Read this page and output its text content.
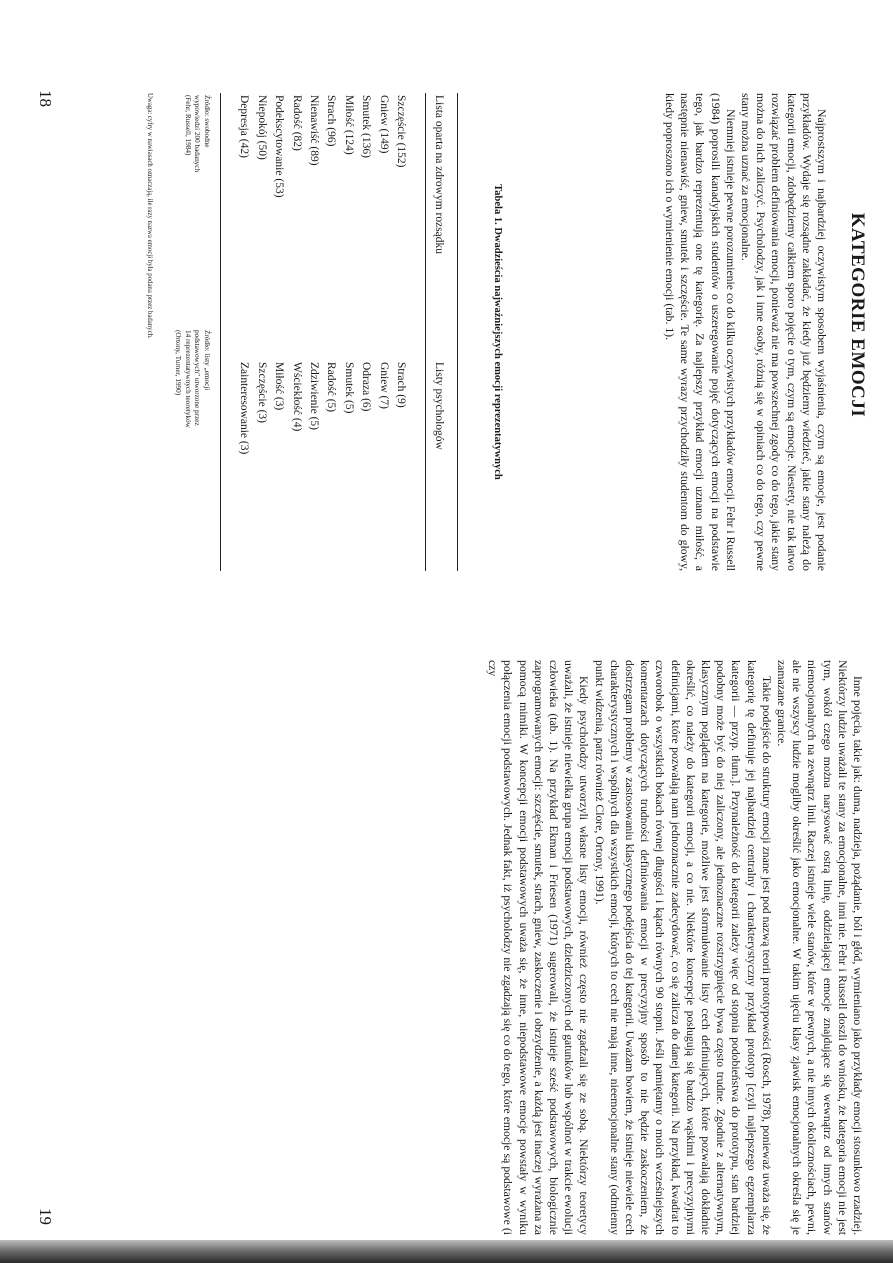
KATEGORIE EMOCJI

Najprostszym i najbardziej oczywistym sposobem wyjaśnienia, czym są emocje, jest podanie przykładów. Wydaje się rozsądne zakładać, że kiedy już będziemy wiedzieć, jakie stany należą do kategorii emocji, zdobędziemy całkiem sporo pojęcie o tym, czym są emocje. Niestety, nie tak łatwo rozwiązać problem definiowania emocji, ponieważ nie ma powszechnej zgody co do tego, jakie stany można do nich zaliczyć. Psycholodzy, jak i inne osoby, różnią się w opiniach co do tego, czy pewne stany można uznać za emocjonalne.

Niemniej istnieje pewne porozumienie co do kilku oczywistych przykładów emocji. Fehr i Russell (1984) poprosili kanadyjskich studentów o uszeregowanie pojęć dotyczących emocji na podstawie tego, jak bardzo reprezentują one tę kategorię. Za najlepszy przykład emocji uznano miłość, a następnie nienawiść, gniew, smutek i szczęście. Te same wyrazy przychodziły studentom do głowy, kiedy poproszono ich o wymienienie emocji (tab. 1).

Tabela 1. Dwadzieścia najważniejszych emocji reprezentatywnych
Lista oparta na zdrowym rozsądku
Listy psychologów
Szczęście (152)
Gniew (149)
Smutek (136)
Miłość (124)
Strach (96)
Nienawiść (89)
Radość (82)
Podekscytowanie (53)
Niepokój (50)
Depresja (42)
Strach (9)
Gniew (7)
Odraza (6)
Smutek (5)
Radość (5)
Zdziwienie (5)
Wściekłość (4)
Miłość (3)
Szczęście (3)
Zainteresowanie (3)
Źródło: swobodne
wypowiedzi 200 badanych
(Fehr, Russell, 1984)
Źródło: listy „emocji
podstawowych" utworzone przez
14 reprezentatywnych teoretyków
(Ortony, Turner, 1990)
Uwaga: cyfry w nawiasach oznaczają, ile razy nazwa emocji była podana przez badanych.
18

Inne pojęcia, takie jak: duma, nadzieja, pożądanie, ból i głód, wymieniano jako przykłady emocji stosunkowo rzadziej. Niektórzy ludzie uważali te stany za emocjonalne, inni nie. Fehr i Russell doszli do wniosku, że kategoria emocji nie jest tym, wokół czego można narysować ostrą linię, oddzielającej emocje znajdujące się wewnątrz od innych stanów niemocjonalnych na zewnątrz linii. Raczej istnieje wiele stanów, które w pewnych, a nie innych okolicznościach, pewni, ale nie wszyscy ludzie mogliby określić jako emocjonalne. W takim ujęciu klasy zjawisk emocjonalnych określa się je zamazane granice.

Takie podejście do struktury emocji znane jest pod nazwą teorii prototypowości (Rosch, 1978), ponieważ uważa się, że kategorię tę definiuje jej najbardziej centralny i charakterystyczny przykład prototyp [czyli najlepszego egzemplarza kategorii — przyp. tłum.]. Przynależność do kategorii zależy więc od stopnia podobieństwa do prototypu, stan bardziej podobny może być do niej zaliczony, ale jednoznaczne rozstrzygnięcie bywa często trudne. Zgodnie z alternatywnym, klasycznym poglądem na kategorie, możliwe jest sformułowanie listy cech definiujących, które pozwalają dokładnie określić, co należy do kategorii emocji, a co nie. Niektóre koncepcje posługują się bardzo wąskimi i precyzyjnymi definicjami, które pozwalają nam jednoznacznie zadecydować, co się zalicza do danej kategorii. Na przykład, kwadrat to czworobok o wszystkich bokach równej długości i kątach równych 90 stopni. Jeśli pamiętamy o moich wcześniejszych komentarzach dotyczących trudności definiowania emocji w precyzyjny sposób to nie będzie zaskoczeniem, że dostrzegam problemy w zastosowaniu klasycznego podejścia do tej kategorii. Uważam bowiem, że istnieje niewiele cech charakterystycznych i wspólnych dla wszystkich emocji, których to cech nie mają inne, nieemocjonalne stany (odmienny punkt widzenia, patrz również Clore, Ortony, 1991).

Kiedy psycholodzy utworzyli własne listy emocji, również często nie zgadzali się ze sobą. Niektórzy teoretycy uważali, że istnieje niewielka grupa emocji podstawowych, dziedziczonych od gatunków lub wspólnot w trakcie ewolucji człowieka (tab. 1). Na przykład Ekman i Friesen (1971) sugerowali, że istnieje sześć podstawowych, biologicznie zaprogramowanych emocji: szczęście, smutek, strach, gniew, zaskoczenie i obrzydzenie, a każdą jest inaczej wyrażana za pomocą mimiki. W koncepcji emocji podstawowych uważa się, że inne, niepodstawowe emocje powstały w wyniku połączenia emocji podstawowych. Jednak fakt, iż psycholodzy nie zgadzają się co do tego, które emocje są podstawowe (i czy

19
